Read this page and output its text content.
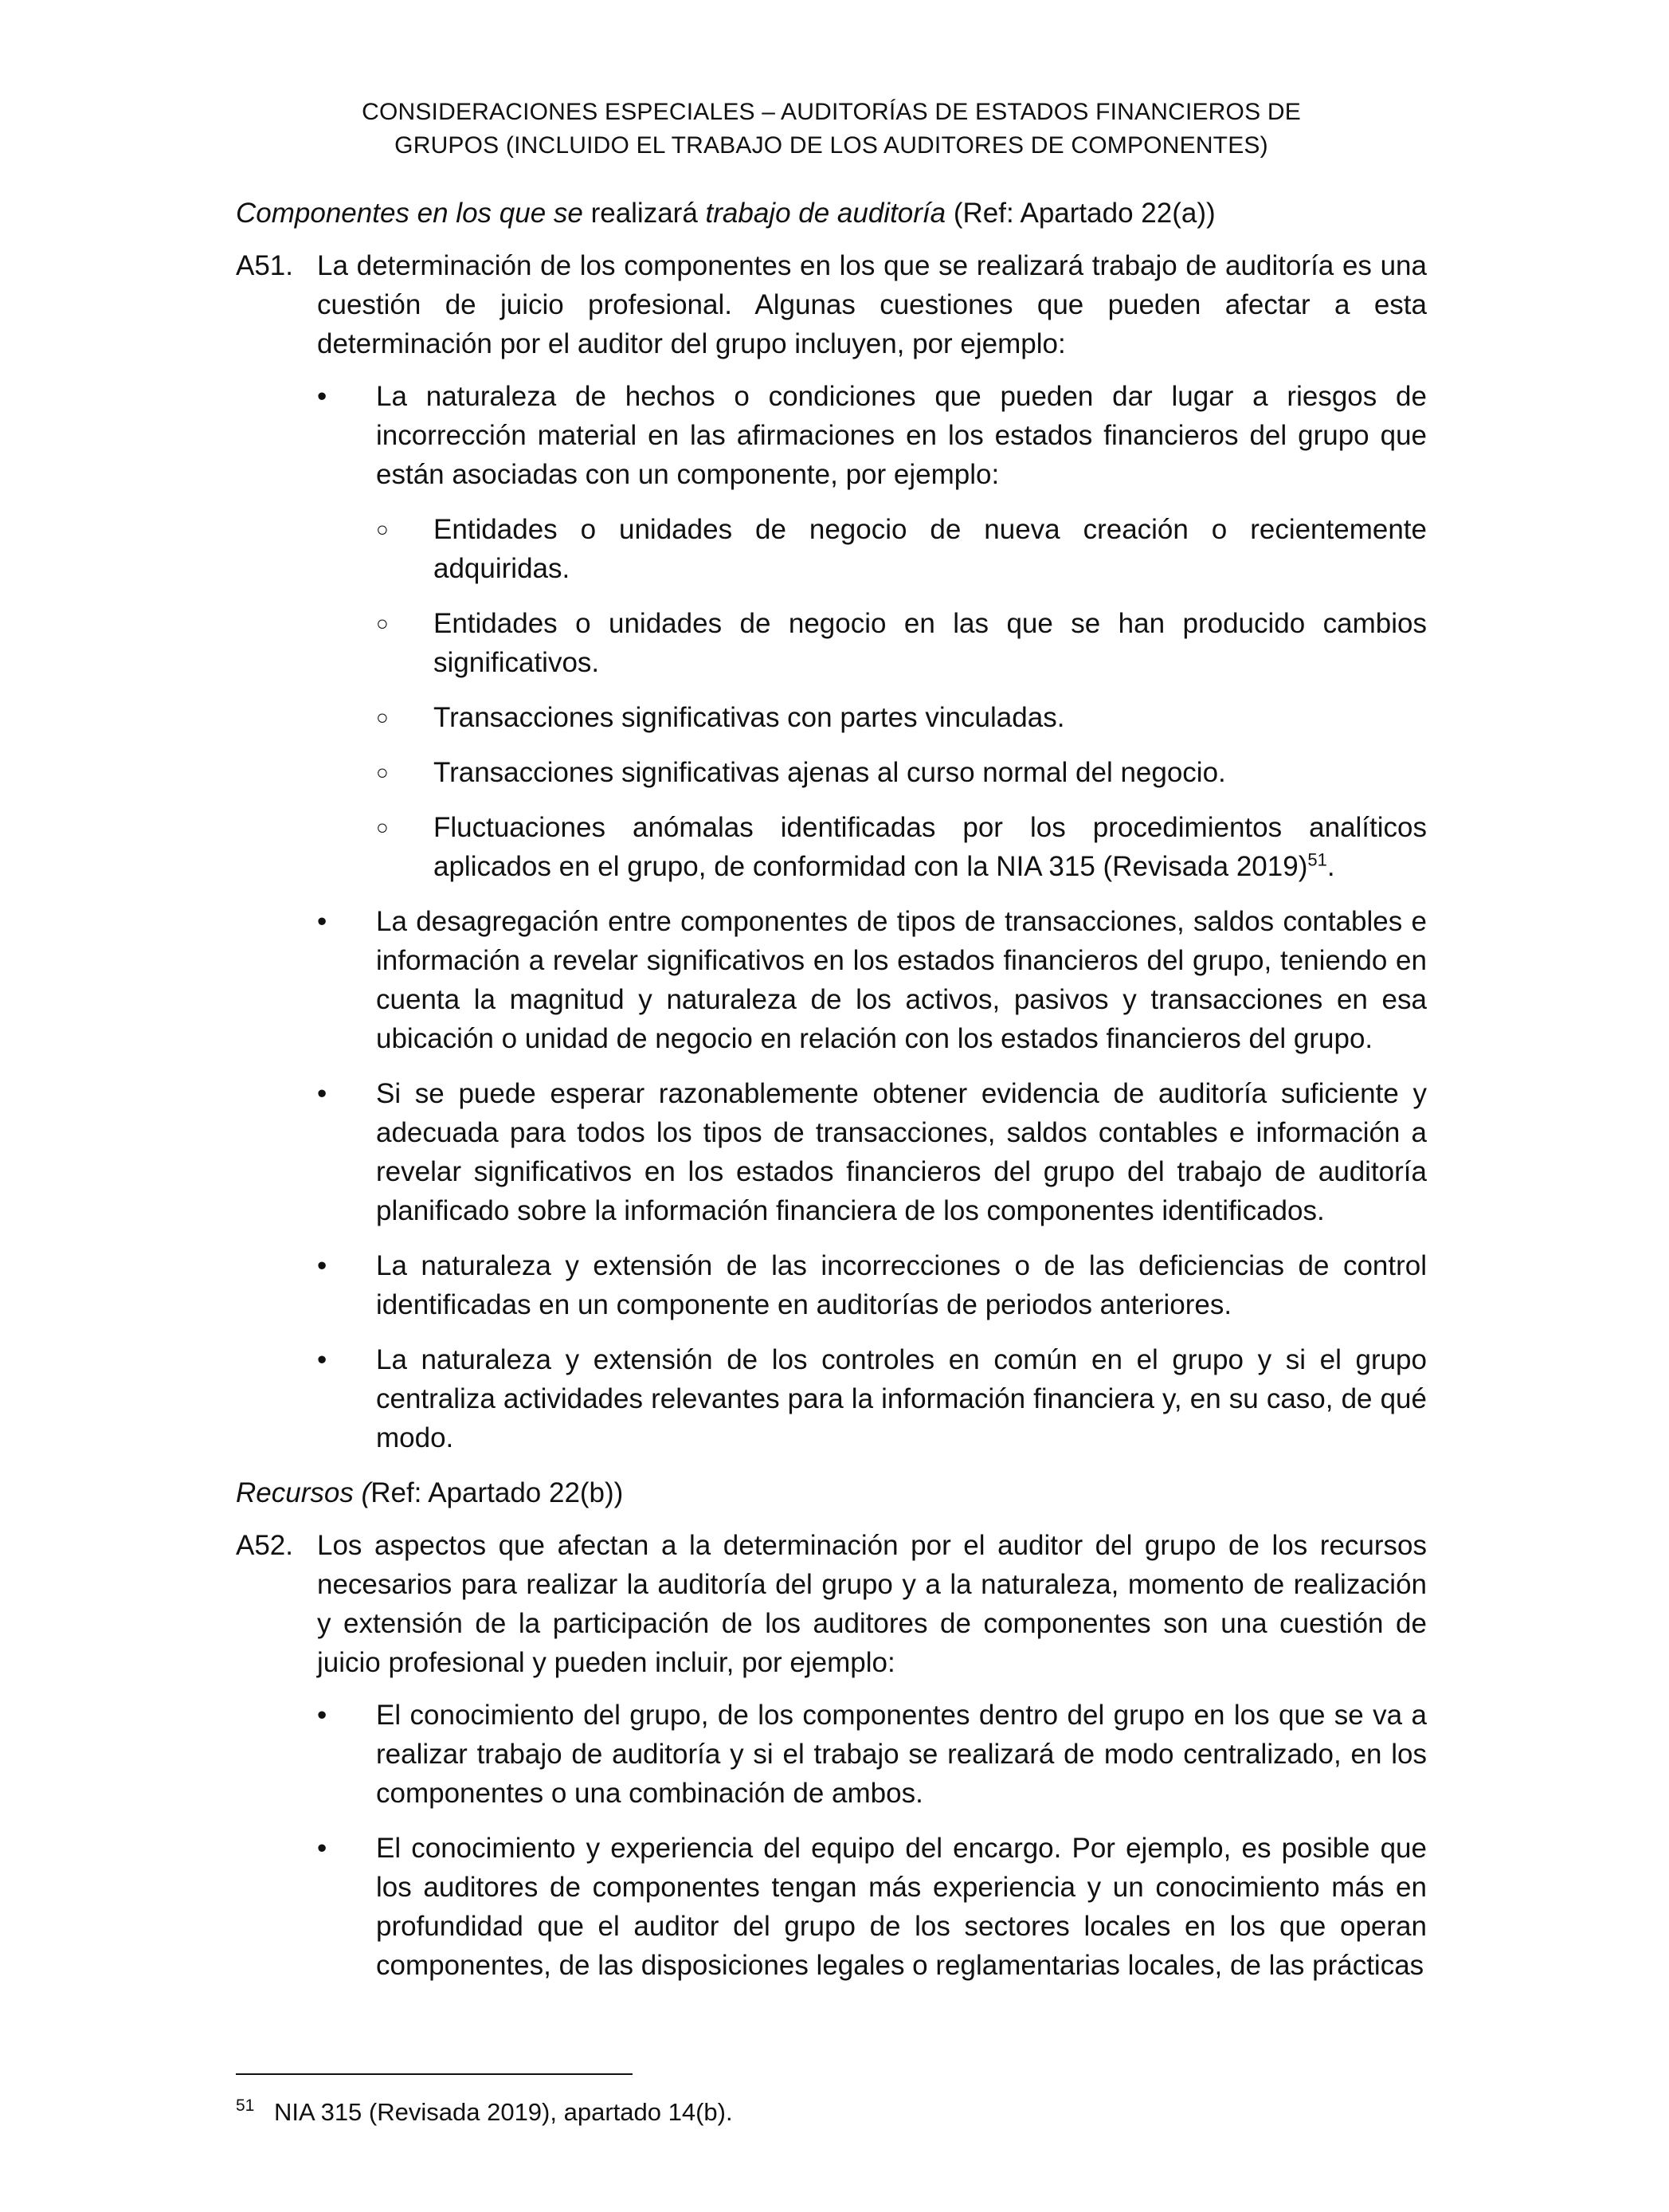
CONSIDERACIONES ESPECIALES – AUDITORÍAS DE ESTADOS FINANCIEROS DE
GRUPOS (INCLUIDO EL TRABAJO DE LOS AUDITORES DE COMPONENTES)

Componentes en los que se realizará trabajo de auditoría (Ref: Apartado 22(a))

A51. La determinación de los componentes en los que se realizará trabajo de auditoría es una cuestión de juicio profesional. Algunas cuestiones que pueden afectar a esta determinación por el auditor del grupo incluyen, por ejemplo:
• La naturaleza de hechos o condiciones que pueden dar lugar a riesgos de incorrección material en las afirmaciones en los estados financieros del grupo que están asociadas con un componente, por ejemplo:
○ Entidades o unidades de negocio de nueva creación o recientemente adquiridas.
○ Entidades o unidades de negocio en las que se han producido cambios significativos.
○ Transacciones significativas con partes vinculadas.
○ Transacciones significativas ajenas al curso normal del negocio.
○ Fluctuaciones anómalas identificadas por los procedimientos analíticos aplicados en el grupo, de conformidad con la NIA 315 (Revisada 2019)$^{51}$.
• La desagregación entre componentes de tipos de transacciones, saldos contables e información a revelar significativos en los estados financieros del grupo, teniendo en cuenta la magnitud y naturaleza de los activos, pasivos y transacciones en esa ubicación o unidad de negocio en relación con los estados financieros del grupo.
• Si se puede esperar razonablemente obtener evidencia de auditoría suficiente y adecuada para todos los tipos de transacciones, saldos contables e información a revelar significativos en los estados financieros del grupo del trabajo de auditoría planificado sobre la información financiera de los componentes identificados.
• La naturaleza y extensión de las incorrecciones o de las deficiencias de control identificadas en un componente en auditorías de periodos anteriores.
• La naturaleza y extensión de los controles en común en el grupo y si el grupo centraliza actividades relevantes para la información financiera y, en su caso, de qué modo.

Recursos (Ref: Apartado 22(b))

A52. Los aspectos que afectan a la determinación por el auditor del grupo de los recursos necesarios para realizar la auditoría del grupo y a la naturaleza, momento de realización y extensión de la participación de los auditores de componentes son una cuestión de juicio profesional y pueden incluir, por ejemplo:
• El conocimiento del grupo, de los componentes dentro del grupo en los que se va a realizar trabajo de auditoría y si el trabajo se realizará de modo centralizado, en los componentes o una combinación de ambos.
• El conocimiento y experiencia del equipo del encargo. Por ejemplo, es posible que los auditores de componentes tengan más experiencia y un conocimiento más en profundidad que el auditor del grupo de los sectores locales en los que operan componentes, de las disposiciones legales o reglamentarias locales, de las prácticas
51 NIA 315 (Revisada 2019), apartado 14(b).
